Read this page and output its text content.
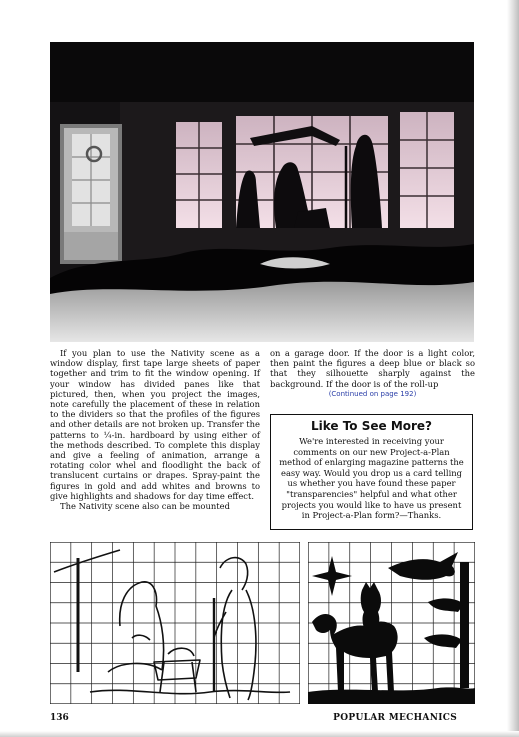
If you plan to use the Nativity scene as a window display, first tape large sheets of paper together and trim to fit the window opening. If your window has divided panes like that pictured, then, when you project the images, note carefully the placement of these in relation to the dividers so that the profiles of the figures and other details are not broken up. Transfer the patterns to ¼-in. hardboard by using either of the methods described. To complete this display and give a feeling of animation, arrange a rotating color whel and floodlight the back of translucent curtains or drapes. Spray-paint the figures in gold and add whites and browns to give highlights and shadows for day time effect.

The Nativity scene also can be mounted

on a garage door. If the door is a light color, then paint the figures a deep blue or black so that they silhouette sharply against the background. If the door is of the roll-up

(Continued on page 192)
Like To See More?

We're interested in receiving your comments on our new Project-a-Plan method of enlarging magazine patterns the easy way. Would you drop us a card telling us whether you have found these paper "transparencies" helpful and what other projects you would like to have us present in Project-a-Plan form?—Thanks.

136	POPULAR MECHANICS
